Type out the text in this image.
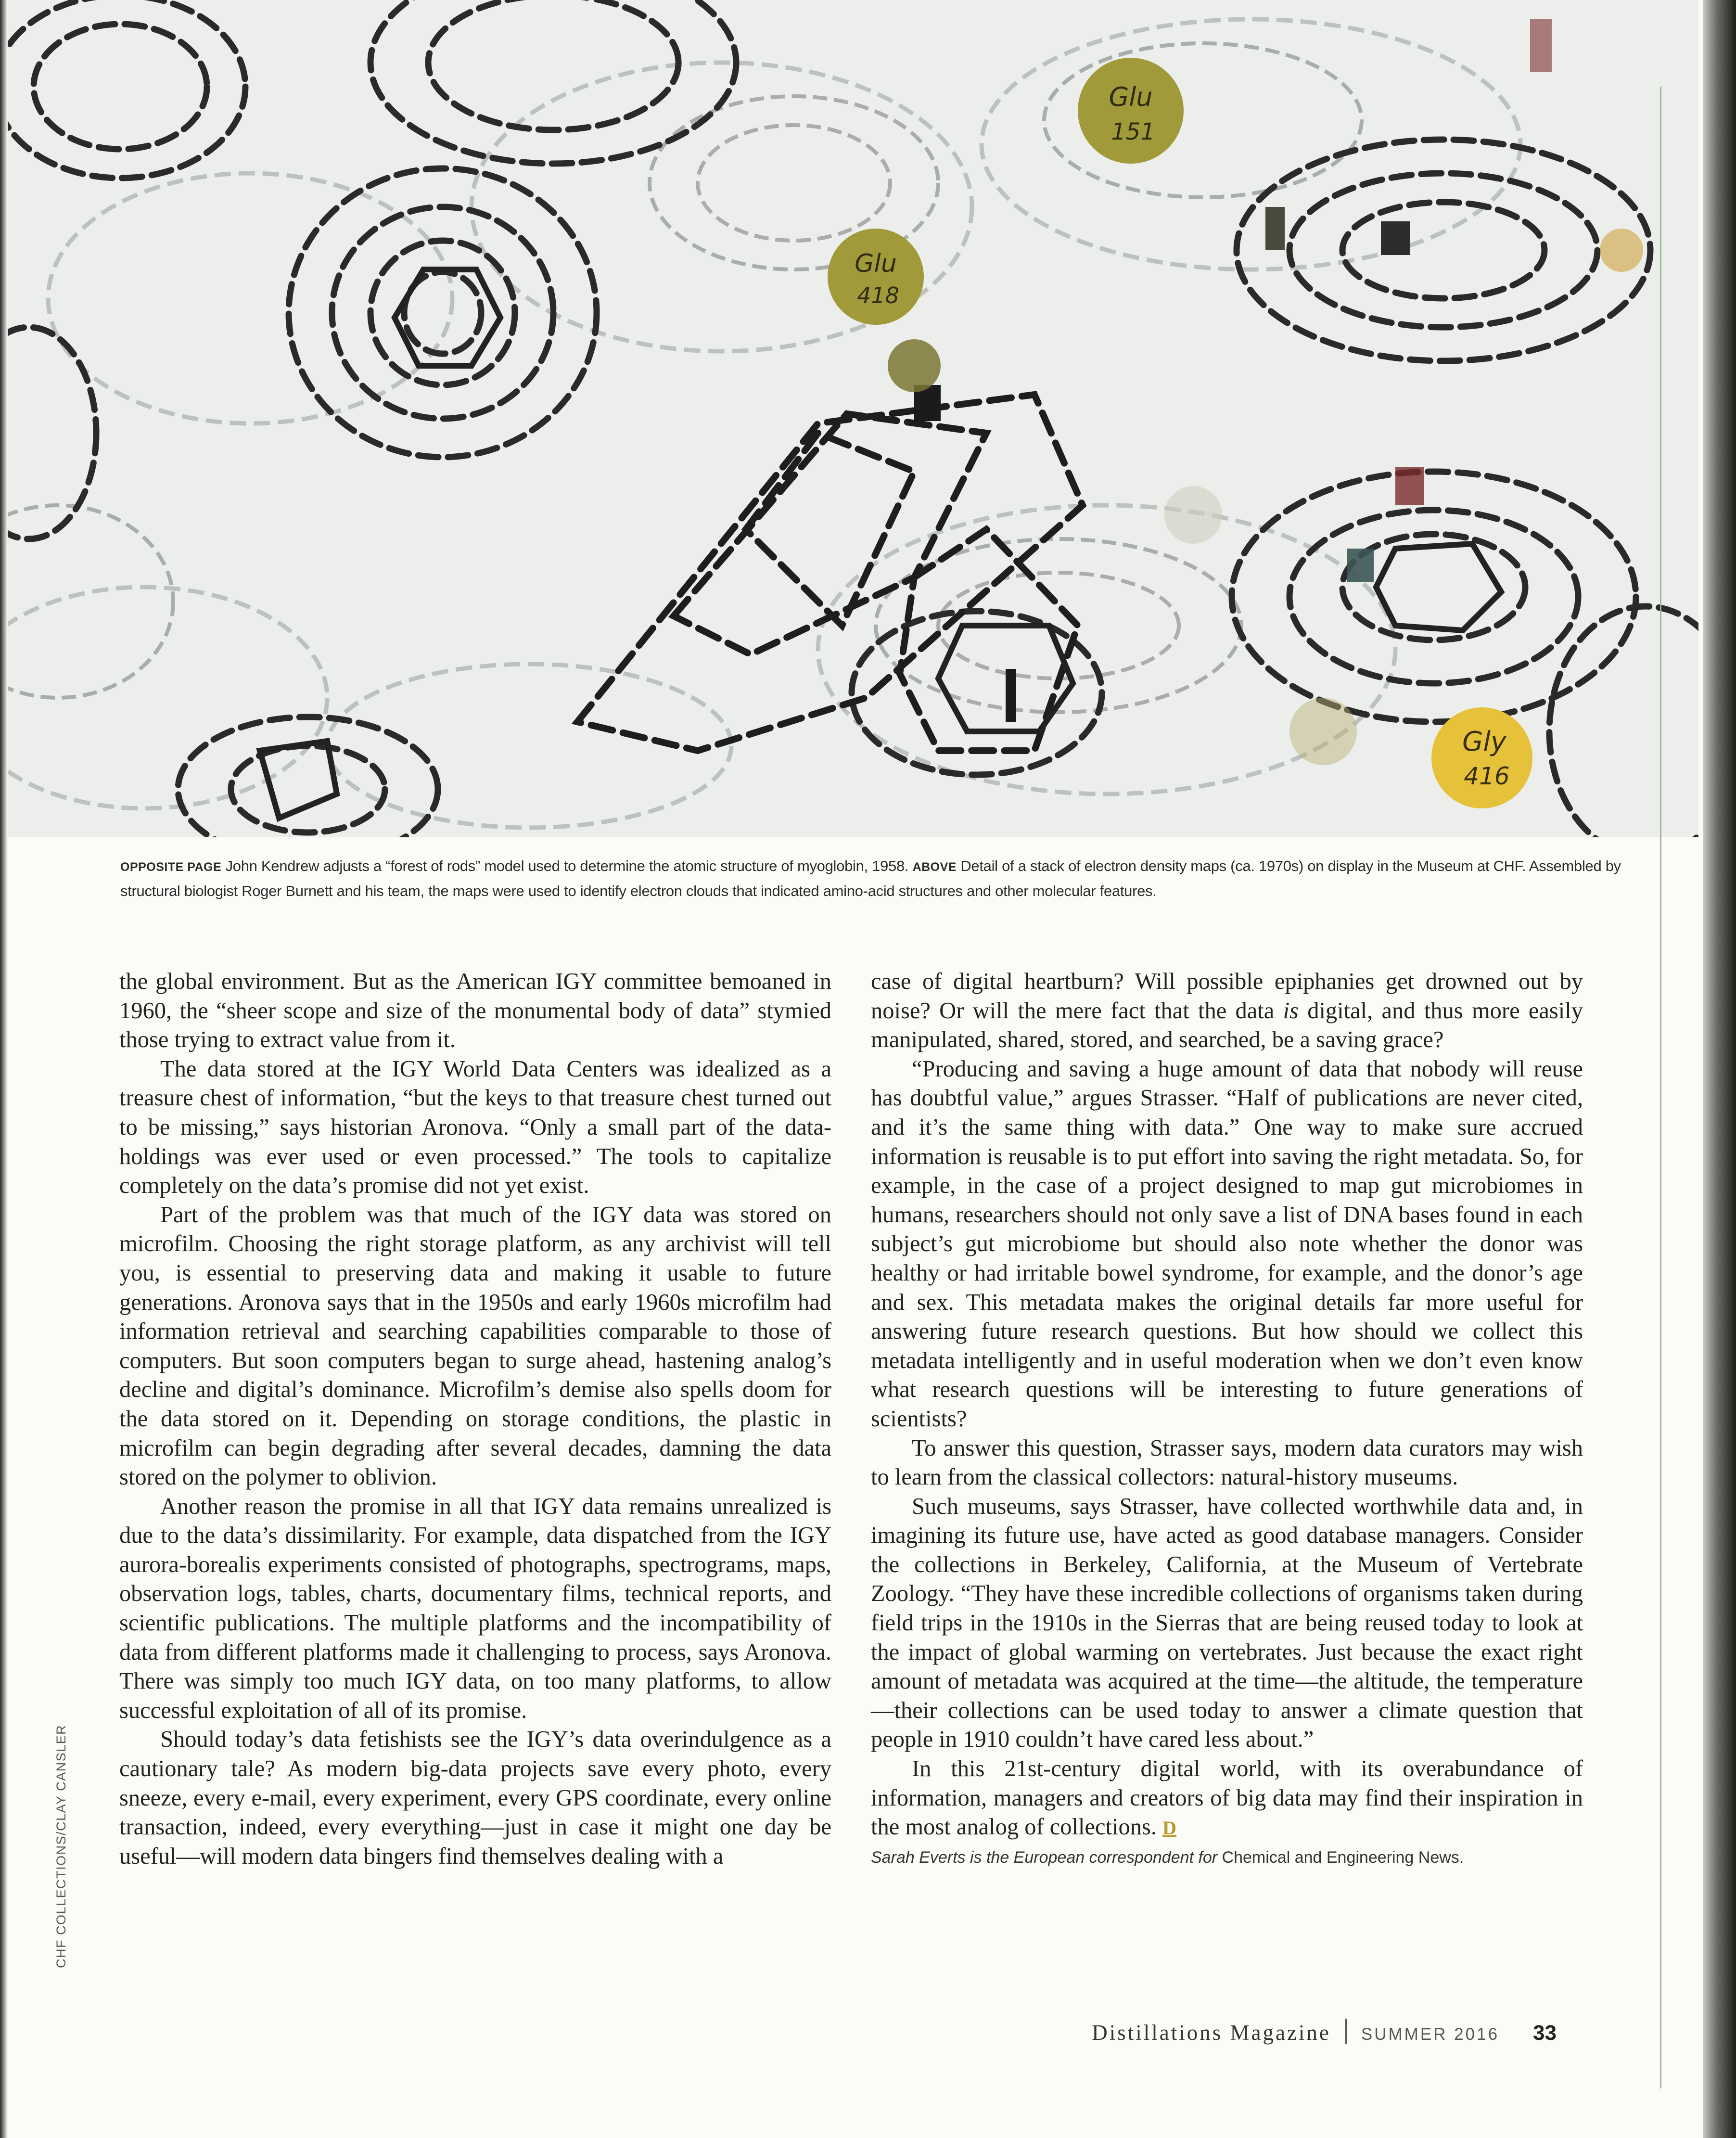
Glu
151
Glu
418
Gly
416
OPPOSITE PAGE John Kendrew adjusts a “forest of rods” model used to determine the atomic structure of myoglobin, 1958. ABOVE Detail of a stack of electron density maps (ca. 1970s) on display in the Museum at CHF. Assembled by structural biologist Roger Burnett and his team, the maps were used to identify electron clouds that indicated amino-acid structures and other molecular features.

the global environment. But as the American IGY committee bemoaned in 1960, the “sheer scope and size of the monumental body of data” stymied those trying to extract value from it.

The data stored at the IGY World Data Centers was idealized as a treasure chest of information, “but the keys to that treasure chest turned out to be missing,” says historian Aronova. “Only a small part of the data-holdings was ever used or even processed.” The tools to capitalize completely on the data’s promise did not yet exist.

Part of the problem was that much of the IGY data was stored on microfilm. Choosing the right storage platform, as any archivist will tell you, is essential to preserving data and making it usable to future generations. Aronova says that in the 1950s and early 1960s microfilm had information retrieval and searching capabilities comparable to those of computers. But soon computers began to surge ahead, hastening analog’s decline and digital’s dominance. Microfilm’s demise also spells doom for the data stored on it. Depending on storage conditions, the plastic in microfilm can begin degrading after several decades, damning the data stored on the polymer to oblivion.

Another reason the promise in all that IGY data remains unrealized is due to the data’s dissimilarity. For example, data dispatched from the IGY aurora-borealis experiments consisted of photographs, spectrograms, maps, observation logs, tables, charts, documentary films, technical reports, and scientific publications. The multiple platforms and the incompatibility of data from different platforms made it challenging to process, says Aronova. There was simply too much IGY data, on too many platforms, to allow successful exploitation of all of its promise.

Should today’s data fetishists see the IGY’s data overindulgence as a cautionary tale? As modern big-data projects save every photo, every sneeze, every e-mail, every experiment, every GPS coordinate, every online transaction, indeed, every everything—just in case it might one day be useful—will modern data bingers find themselves dealing with a

case of digital heartburn? Will possible epiphanies get drowned out by noise? Or will the mere fact that the data is digital, and thus more easily manipulated, shared, stored, and searched, be a saving grace?

“Producing and saving a huge amount of data that nobody will reuse has doubtful value,” argues Strasser. “Half of publications are never cited, and it’s the same thing with data.” One way to make sure accrued information is reusable is to put effort into saving the right metadata. So, for example, in the case of a project designed to map gut microbiomes in humans, researchers should not only save a list of DNA bases found in each subject’s gut microbiome but should also note whether the donor was healthy or had irritable bowel syndrome, for example, and the donor’s age and sex. This metadata makes the original details far more useful for answering future research questions. But how should we collect this metadata intelligently and in useful moderation when we don’t even know what research questions will be interesting to future generations of scientists?

To answer this question, Strasser says, modern data curators may wish to learn from the classical collectors: natural-history museums.

Such museums, says Strasser, have collected worthwhile data and, in imagining its future use, have acted as good database managers. Consider the collections in Berkeley, California, at the Museum of Vertebrate Zoology. “They have these incredible collections of organisms taken during field trips in the 1910s in the Sierras that are being reused today to look at the impact of global warming on vertebrates. Just because the exact right amount of metadata was acquired at the time—the altitude, the temperature—their collections can be used today to answer a climate question that people in 1910 couldn’t have cared less about.”

In this 21st-century digital world, with its overabundance of information, managers and creators of big data may find their inspiration in the most analog of collections. D

Sarah Everts is the European correspondent for Chemical and Engineering News.

CHF COLLECTIONS/CLAY CANSLER
Distillations Magazine SUMMER 2016 33
